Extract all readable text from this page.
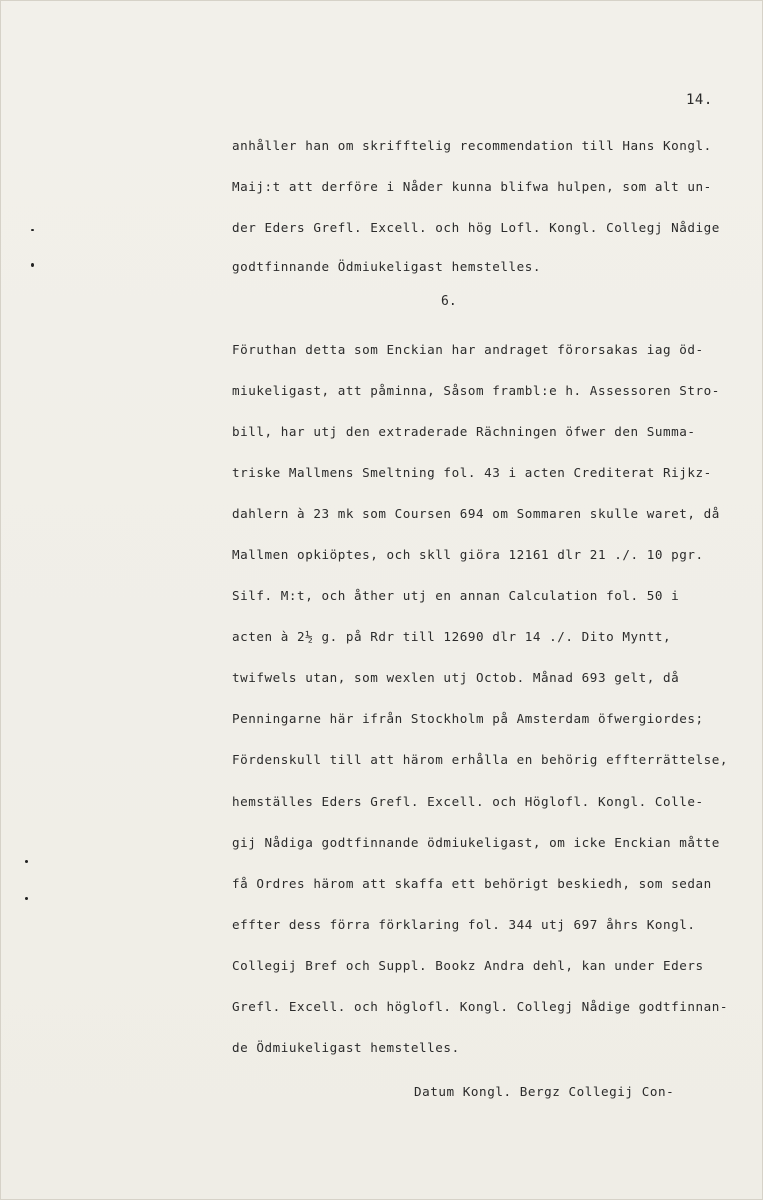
14.
anhåller han om skrifftelig recommendation till Hans Kongl.
Maij:t att derföre i Nåder kunna blifwa hulpen, som alt un-
der Eders Grefl. Excell. och hög Lofl. Kongl. Collegj Nådige
godtfinnande Ödmiukeligast hemstelles.
6.
Föruthan detta som Enckian har andraget förorsakas iag öd-
miukeligast, att påminna, Såsom frambl:e h. Assessoren Stro-
bill, har utj den extraderade Rächningen öfwer den Summa-
triske Mallmens Smeltning fol. 43 i acten Crediterat Rijkz-
dahlern à 23 mk som Coursen 694 om Sommaren skulle waret, då
Mallmen opkiöptes, och skll giöra 12161 dlr 21 ./. 10 pgr.
Silf. M:t, och åther utj en annan Calculation fol. 50 i
acten à 2½ g. på Rdr till 12690 dlr 14 ./. Dito Myntt,
twifwels utan, som wexlen utj Octob. Månad 693 gelt, då
Penningarne här ifrån Stockholm på Amsterdam öfwergiordes;
Fördenskull till att härom erhålla en behörig effterrättelse,
hemställes Eders Grefl. Excell. och Höglofl. Kongl. Colle-
gij Nådiga godtfinnande ödmiukeligast, om icke Enckian måtte
få Ordres härom att skaffa ett behörigt beskiedh, som sedan
effter dess förra förklaring fol. 344 utj 697 åhrs Kongl.
Collegij Bref och Suppl. Bookz Andra dehl, kan under Eders
Grefl. Excell. och höglofl. Kongl. Collegj Nådige godtfinnan-
de Ödmiukeligast hemstelles.
Datum Kongl. Bergz Collegij Con-
